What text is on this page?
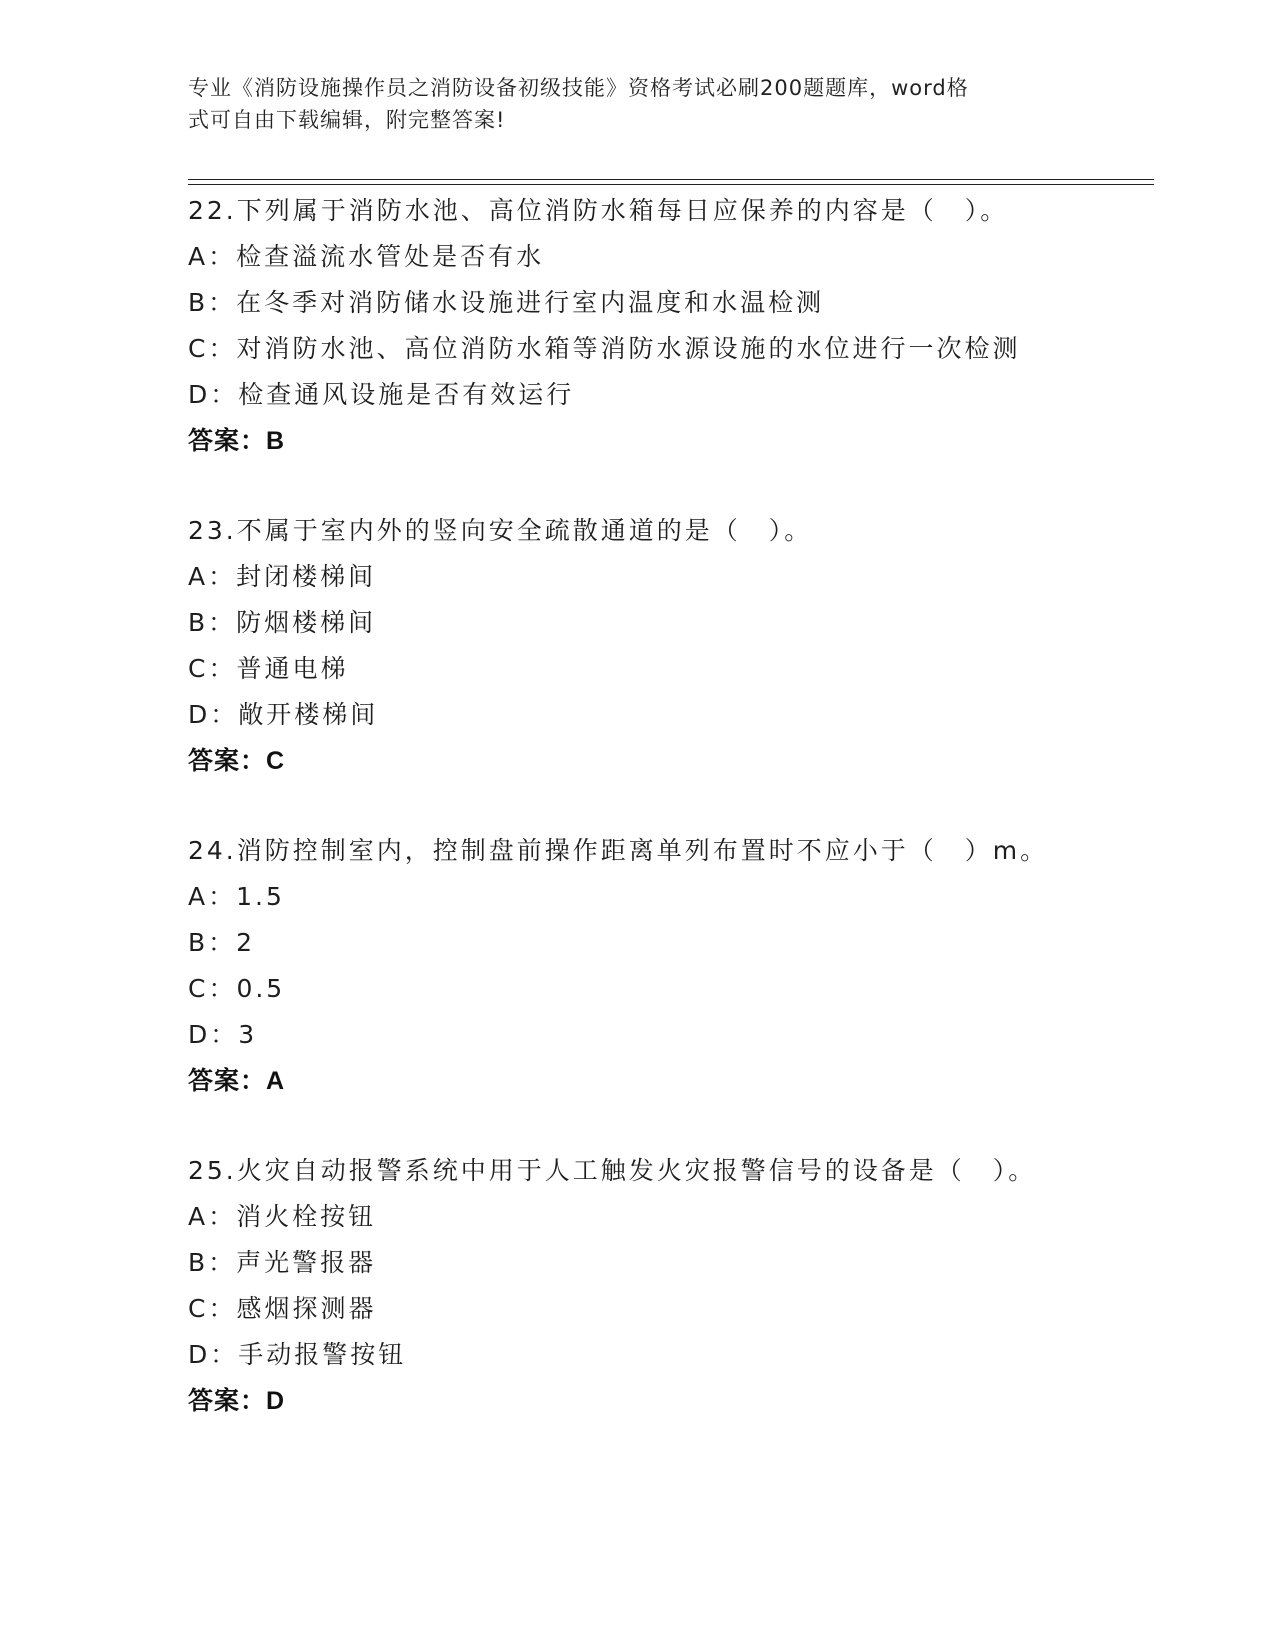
专业《消防设施操作员之消防设备初级技能》资格考试必刷200题题库，word格
式可自由下载编辑，附完整答案!
22.下列属于消防水池、高位消防水箱每日应保养的内容是（　）。
A：检查溢流水管处是否有水
B：在冬季对消防储水设施进行室内温度和水温检测
C：对消防水池、高位消防水箱等消防水源设施的水位进行一次检测
D：检查通风设施是否有效运行
答案：B
23.不属于室内外的竖向安全疏散通道的是（　）。
A：封闭楼梯间
B：防烟楼梯间
C：普通电梯
D：敞开楼梯间
答案：C
24.消防控制室内，控制盘前操作距离单列布置时不应小于（　）m。
A：1.5
B：2
C：0.5
D：3
答案：A
25.火灾自动报警系统中用于人工触发火灾报警信号的设备是（　）。
A：消火栓按钮
B：声光警报器
C：感烟探测器
D：手动报警按钮
答案：D
